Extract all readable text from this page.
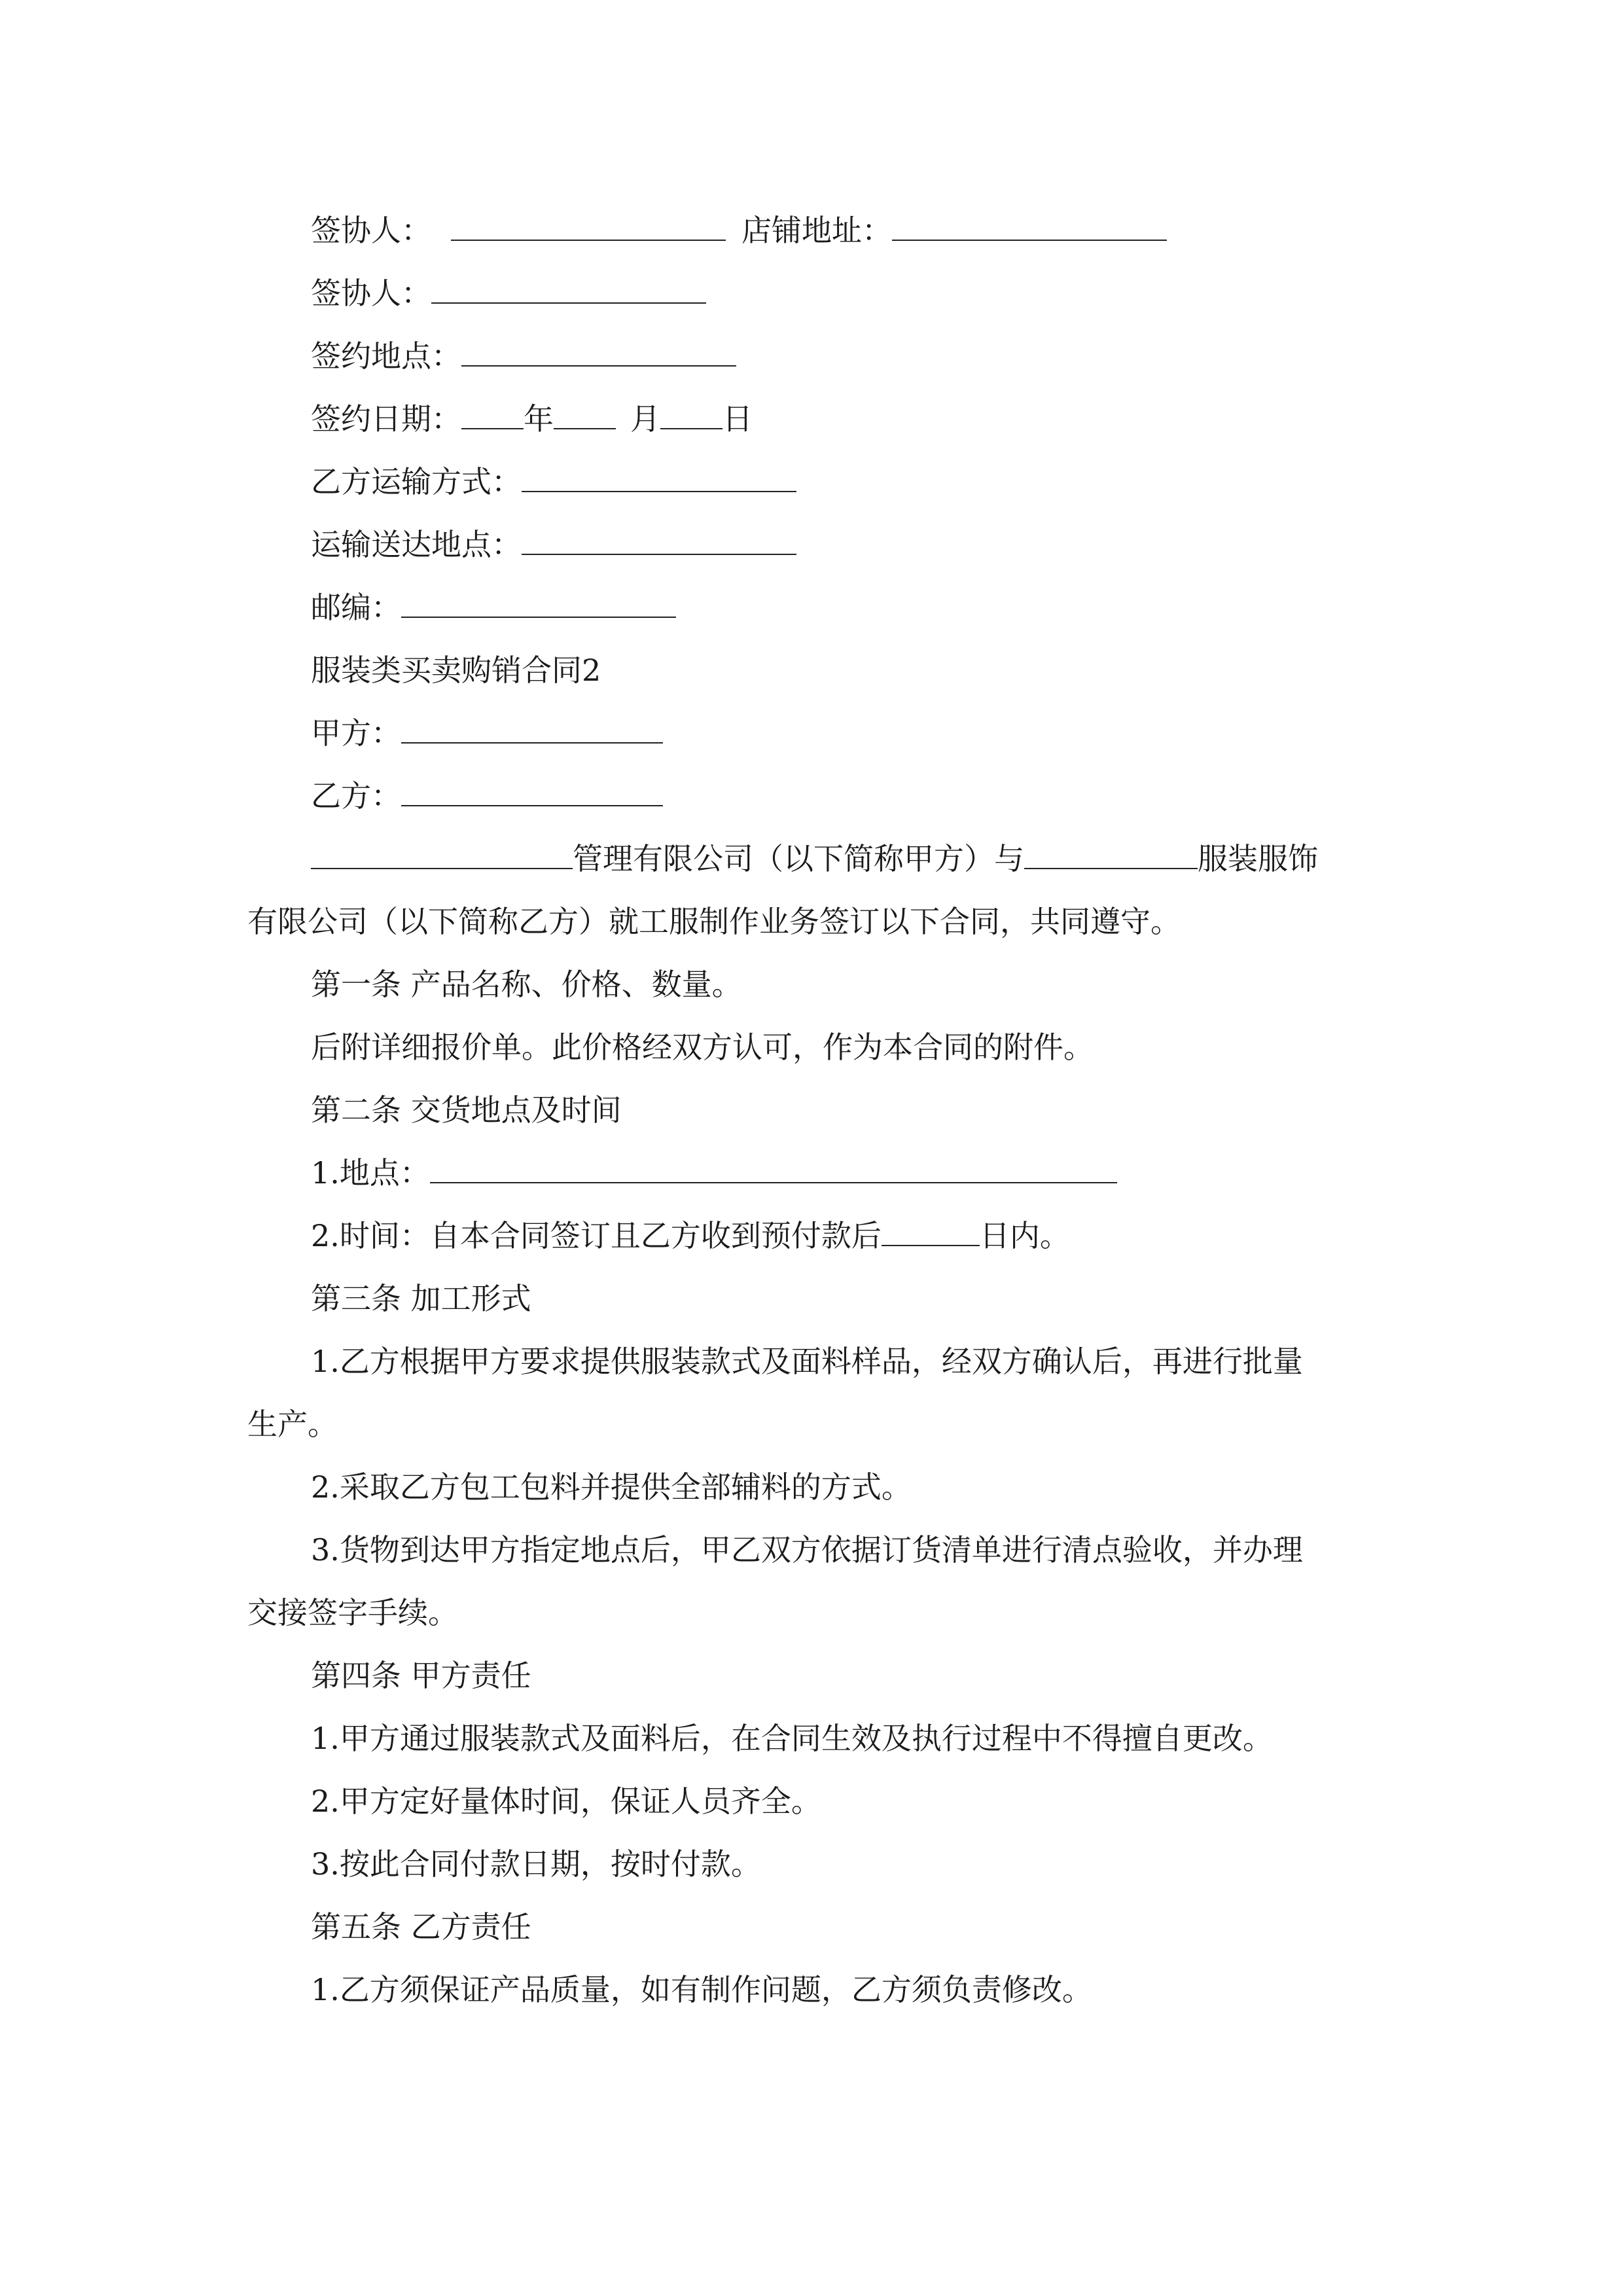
签协人：	店铺地址：
签协人：
签约地点：
签约日期： 年	月 日
乙方运输方式：
运输送达地点：
邮编：
服装类买卖购销合同2
甲方：
乙方：
管理有限公司（以下简称甲方）与	服装服饰
有限公司（以下简称乙方）就工服制作业务签订以下合同，共同遵守。
第一条 产品名称、价格、数量。
后附详细报价单。此价格经双方认可，作为本合同的附件。
第二条 交货地点及时间
1.地点：
2.时间：自本合同签订且乙方收到预付款后	日内。
第三条 加工形式
1.乙方根据甲方要求提供服装款式及面料样品，经双方确认后，再进行批量
生产。
2.采取乙方包工包料并提供全部辅料的方式。
3.货物到达甲方指定地点后，甲乙双方依据订货清单进行清点验收，并办理
交接签字手续。
第四条 甲方责任
1.甲方通过服装款式及面料后，在合同生效及执行过程中不得擅自更改。
2.甲方定好量体时间，保证人员齐全。
3.按此合同付款日期，按时付款。
第五条 乙方责任
1.乙方须保证产品质量，如有制作问题，乙方须负责修改。
